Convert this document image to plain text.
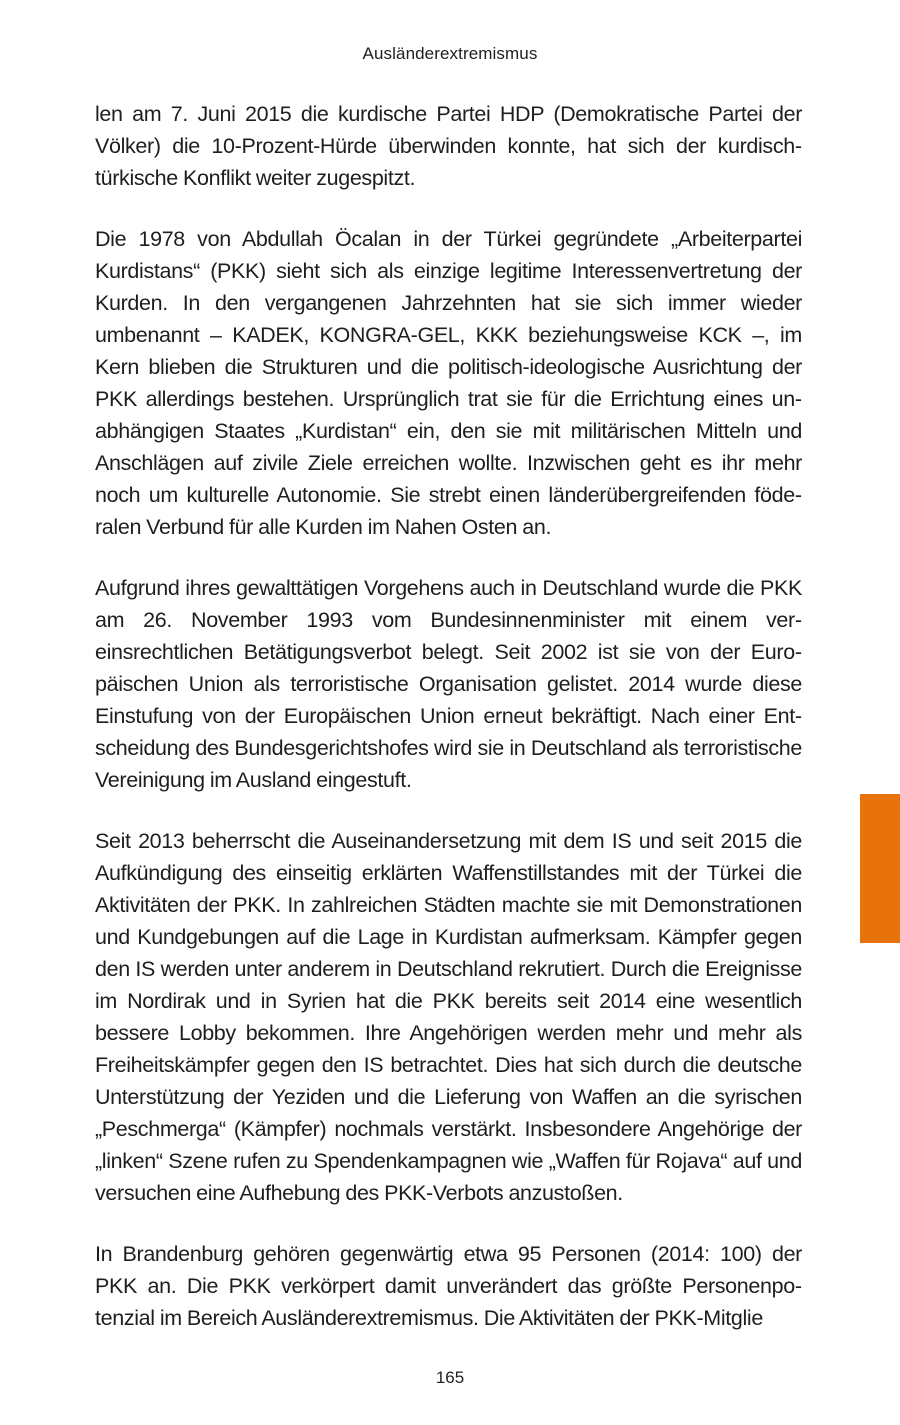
Ausländerextremismus

len am 7. Juni 2015 die kurdische Partei HDP (Demokratische Partei der Völker) die 10-Prozent-Hürde überwinden konnte, hat sich der kurdischtürkische Konflikt weiter zugespitzt.

Die 1978 von Abdullah Öcalan in der Türkei gegründete „Arbeiterpartei Kurdistans“ (PKK) sieht sich als einzige legitime Interessenvertretung der Kurden. In den vergangenen Jahrzehnten hat sie sich immer wieder umbenannt – KADEK, KONGRA-GEL, KKK beziehungsweise KCK –, im Kern blieben die Strukturen und die politisch-ideologische Ausrichtung der PKK allerdings bestehen. Ursprünglich trat sie für die Errichtung eines unabhängigen Staates „Kurdistan“ ein, den sie mit militärischen Mitteln und Anschlägen auf zivile Ziele erreichen wollte. Inzwischen geht es ihr mehr noch um kulturelle Autonomie. Sie strebt einen länderübergreifenden föderalen Verbund für alle Kurden im Nahen Osten an.

Aufgrund ihres gewalttätigen Vorgehens auch in Deutschland wurde die PKK am 26. November 1993 vom Bundesinnenminister mit einem vereinsrechtlichen Betätigungsverbot belegt. Seit 2002 ist sie von der Europäischen Union als terroristische Organisation gelistet. 2014 wurde diese Einstufung von der Europäischen Union erneut bekräftigt. Nach einer Entscheidung des Bundesgerichtshofes wird sie in Deutschland als terroristische Vereinigung im Ausland eingestuft.

Seit 2013 beherrscht die Auseinandersetzung mit dem IS und seit 2015 die Aufkündigung des einseitig erklärten Waffenstillstandes mit der Türkei die Aktivitäten der PKK. In zahlreichen Städten machte sie mit Demonstrationen und Kundgebungen auf die Lage in Kurdistan aufmerksam. Kämpfer gegen den IS werden unter anderem in Deutschland rekrutiert. Durch die Ereignisse im Nordirak und in Syrien hat die PKK bereits seit 2014 eine wesentlich bessere Lobby bekommen. Ihre Angehörigen werden mehr und mehr als Freiheitskämpfer gegen den IS betrachtet. Dies hat sich durch die deutsche Unterstützung der Yeziden und die Lieferung von Waffen an die syrischen „Peschmerga“ (Kämpfer) nochmals verstärkt. Insbesondere Angehörige der „linken“ Szene rufen zu Spendenkampagnen wie „Waffen für Rojava“ auf und versuchen eine Aufhebung des PKK-Verbots anzustoßen.

In Brandenburg gehören gegenwärtig etwa 95 Personen (2014: 100) der PKK an. Die PKK verkörpert damit unverändert das größte Personenpotenzial im Bereich Ausländerextremismus. Die Aktivitäten der PKK-Mitglie

165
